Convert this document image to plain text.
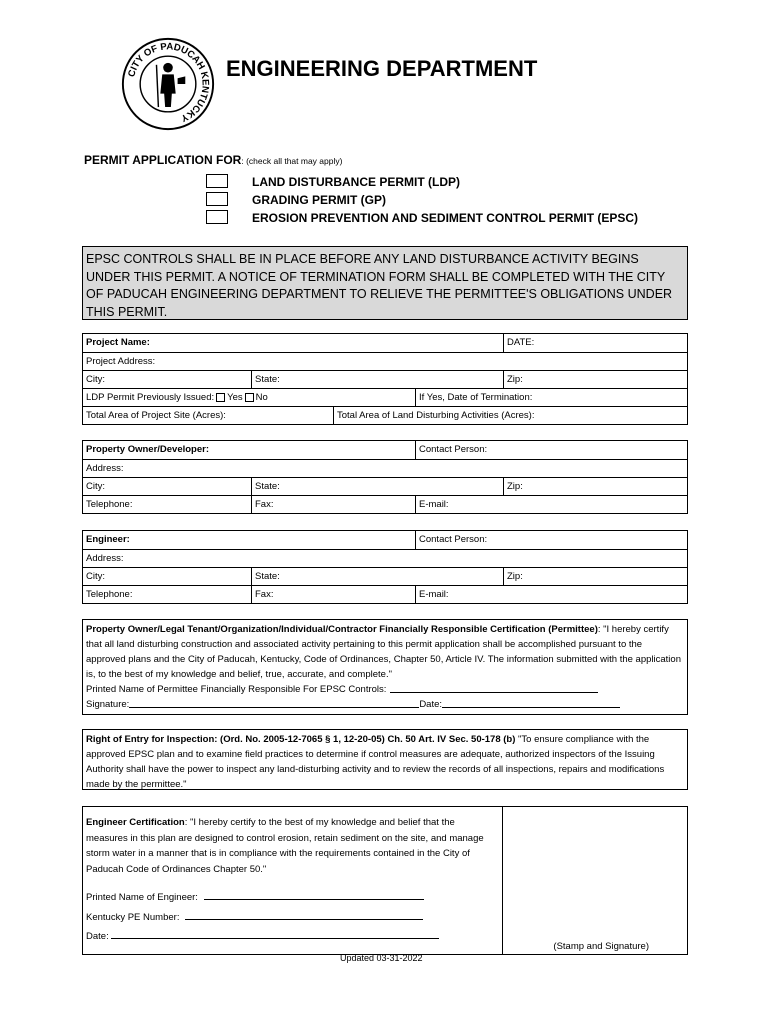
CITY OF PADUCAH KENTUCKY
ENGINEERING DEPARTMENT
PERMIT APPLICATION FOR: (check all that may apply)
LAND DISTURBANCE PERMIT (LDP)
GRADING PERMIT (GP)
EROSION PREVENTION AND SEDIMENT CONTROL PERMIT (EPSC)
EPSC CONTROLS SHALL BE IN PLACE BEFORE ANY LAND DISTURBANCE ACTIVITY BEGINS UNDER THIS PERMIT. A NOTICE OF TERMINATION FORM SHALL BE COMPLETED WITH THE CITY OF PADUCAH ENGINEERING DEPARTMENT TO RELIEVE THE PERMITTEE'S OBLIGATIONS UNDER THIS PERMIT.
Project Name:	DATE:
Project Address:
City:	State:	Zip:
LDP Permit Previously Issued: Yes No	If Yes, Date of Termination:
Total Area of Project Site (Acres):	Total Area of Land Disturbing Activities (Acres):
Property Owner/Developer:	Contact Person:
Address:
City:	State:	Zip:
Telephone:	Fax:	E-mail:
Engineer:	Contact Person:
Address:
City:	State:	Zip:
Telephone:	Fax:	E-mail:
Property Owner/Legal Tenant/Organization/Individual/Contractor Financially Responsible Certification (Permittee): "I hereby certify that all land disturbing construction and associated activity pertaining to this permit application shall be accomplished pursuant to the approved plans and the City of Paducah, Kentucky, Code of Ordinances, Chapter 50, Article IV. The information submitted with the application is, to the best of my knowledge and belief, true, accurate, and complete."
Printed Name of Permittee Financially Responsible For EPSC Controls:
Signature:	Date:
Right of Entry for Inspection: (Ord. No. 2005-12-7065 § 1, 12-20-05) Ch. 50 Art. IV Sec. 50-178 (b) "To ensure compliance with the approved EPSC plan and to examine field practices to determine if control measures are adequate, authorized inspectors of the Issuing Authority shall have the power to inspect any land-disturbing activity and to review the records of all inspections, repairs and modifications made by the permittee."
Engineer Certification: "I hereby certify to the best of my knowledge and belief that the measures in this plan are designed to control erosion, retain sediment on the site, and manage storm water in a manner that is in compliance with the requirements contained in the City of Paducah Code of Ordinances Chapter 50."
Printed Name of Engineer:
Kentucky PE Number:
Date:
(Stamp and Signature)
Updated 03-31-2022
